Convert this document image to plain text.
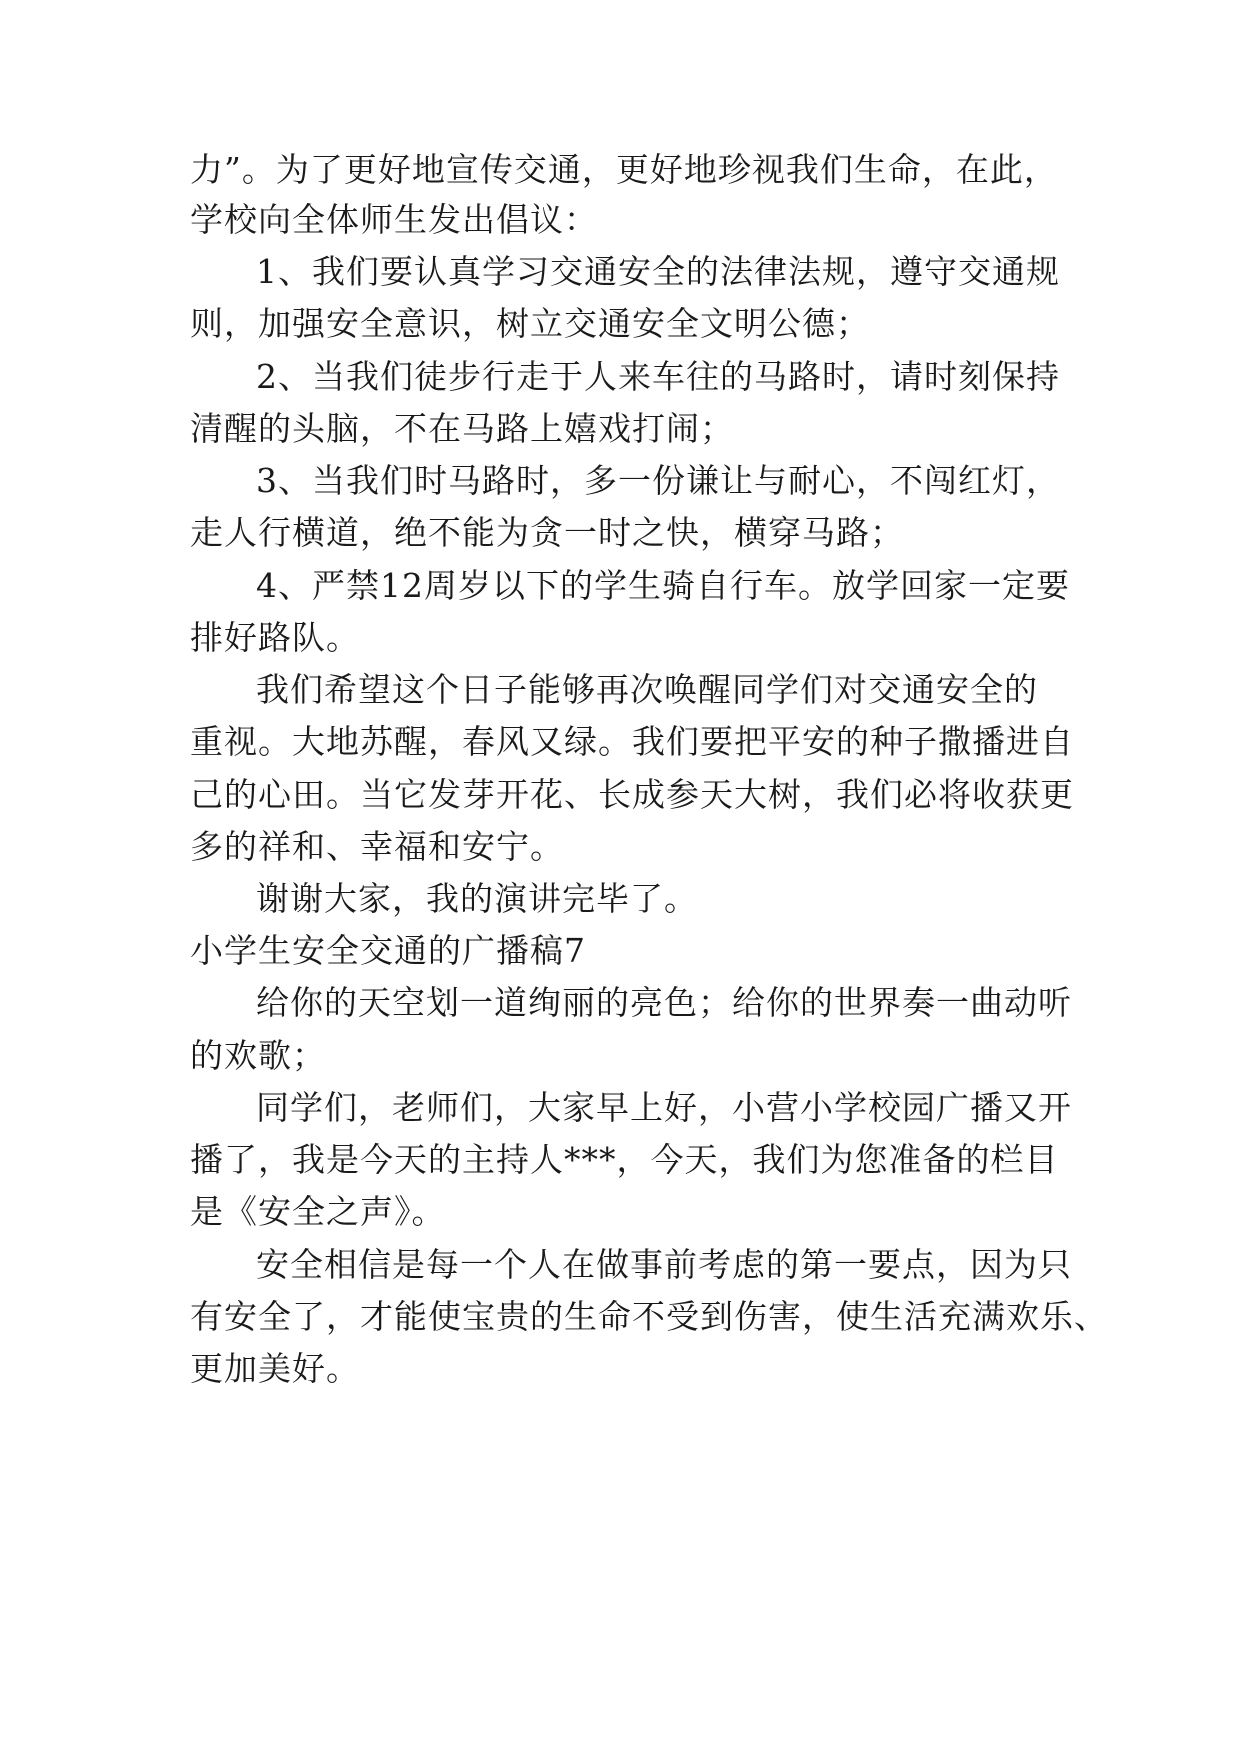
力”。为了更好地宣传交通，更好地珍视我们生命，在此，
学校向全体师生发出倡议：
1、我们要认真学习交通安全的法律法规，遵守交通规
则，加强安全意识，树立交通安全文明公德；
2、当我们徒步行走于人来车往的马路时，请时刻保持
清醒的头脑，不在马路上嬉戏打闹；
3、当我们时马路时，多一份谦让与耐心，不闯红灯，
走人行横道，绝不能为贪一时之快，横穿马路；
4、严禁12周岁以下的学生骑自行车。放学回家一定要
排好路队。
我们希望这个日子能够再次唤醒同学们对交通安全的
重视。大地苏醒，春风又绿。我们要把平安的种子撒播进自
己的心田。当它发芽开花、长成参天大树，我们必将收获更
多的祥和、幸福和安宁。
谢谢大家，我的演讲完毕了。
小学生安全交通的广播稿7
给你的天空划一道绚丽的亮色；给你的世界奏一曲动听
的欢歌；
同学们，老师们，大家早上好，小营小学校园广播又开
播了，我是今天的主持人***，今天，我们为您准备的栏目
是《安全之声》。
安全相信是每一个人在做事前考虑的第一要点，因为只
有安全了，才能使宝贵的生命不受到伤害，使生活充满欢乐、
更加美好。
